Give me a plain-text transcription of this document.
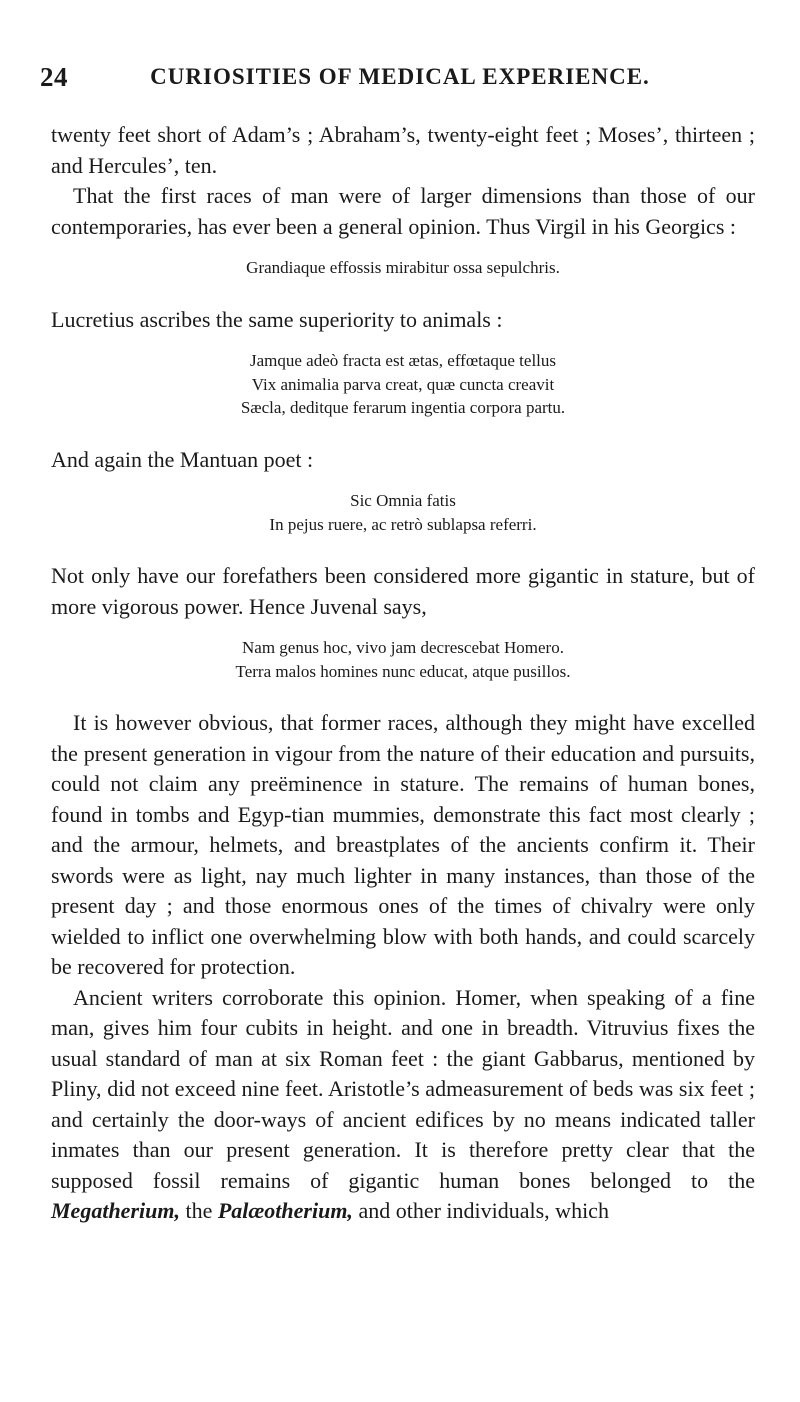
24	CURIOSITIES OF MEDICAL EXPERIENCE.

twenty feet short of Adam’s ; Abraham’s, twenty-eight feet ; Moses’, thirteen ; and Hercules’, ten.

That the first races of man were of larger dimensions than those of our contemporaries, has ever been a general opinion. Thus Virgil in his Georgics :

Grandiaque effossis mirabitur ossa sepulchris.

Lucretius ascribes the same superiority to animals :

Jamque adeò fracta est ætas, effœtaque tellus
Vix animalia parva creat, quæ cuncta creavit
Sæcla, deditque ferarum ingentia corpora partu.

And again the Mantuan poet :

Sic Omnia fatis
In pejus ruere, ac retrò sublapsa referri.

Not only have our forefathers been considered more gigantic in stature, but of more vigorous power. Hence Juvenal says,

Nam genus hoc, vivo jam decrescebat Homero.
Terra malos homines nunc educat, atque pusillos.

It is however obvious, that former races, although they might have excelled the present generation in vigour from the nature of their education and pursuits, could not claim any preëminence in stature. The remains of human bones, found in tombs and Egyp-tian mummies, demonstrate this fact most clearly ; and the armour, helmets, and breastplates of the ancients confirm it. Their swords were as light, nay much lighter in many instances, than those of the present day ; and those enormous ones of the times of chivalry were only wielded to inflict one overwhelming blow with both hands, and could scarcely be recovered for protection.

Ancient writers corroborate this opinion. Homer, when speaking of a fine man, gives him four cubits in height. and one in breadth. Vitruvius fixes the usual standard of man at six Roman feet : the giant Gabbarus, mentioned by Pliny, did not exceed nine feet. Aristotle’s admeasurement of beds was six feet ; and certainly the door-ways of ancient edifices by no means indicated taller inmates than our present generation. It is therefore pretty clear that the supposed fossil remains of gigantic human bones belonged to the Megatherium, the Palæotherium, and other individuals, which
